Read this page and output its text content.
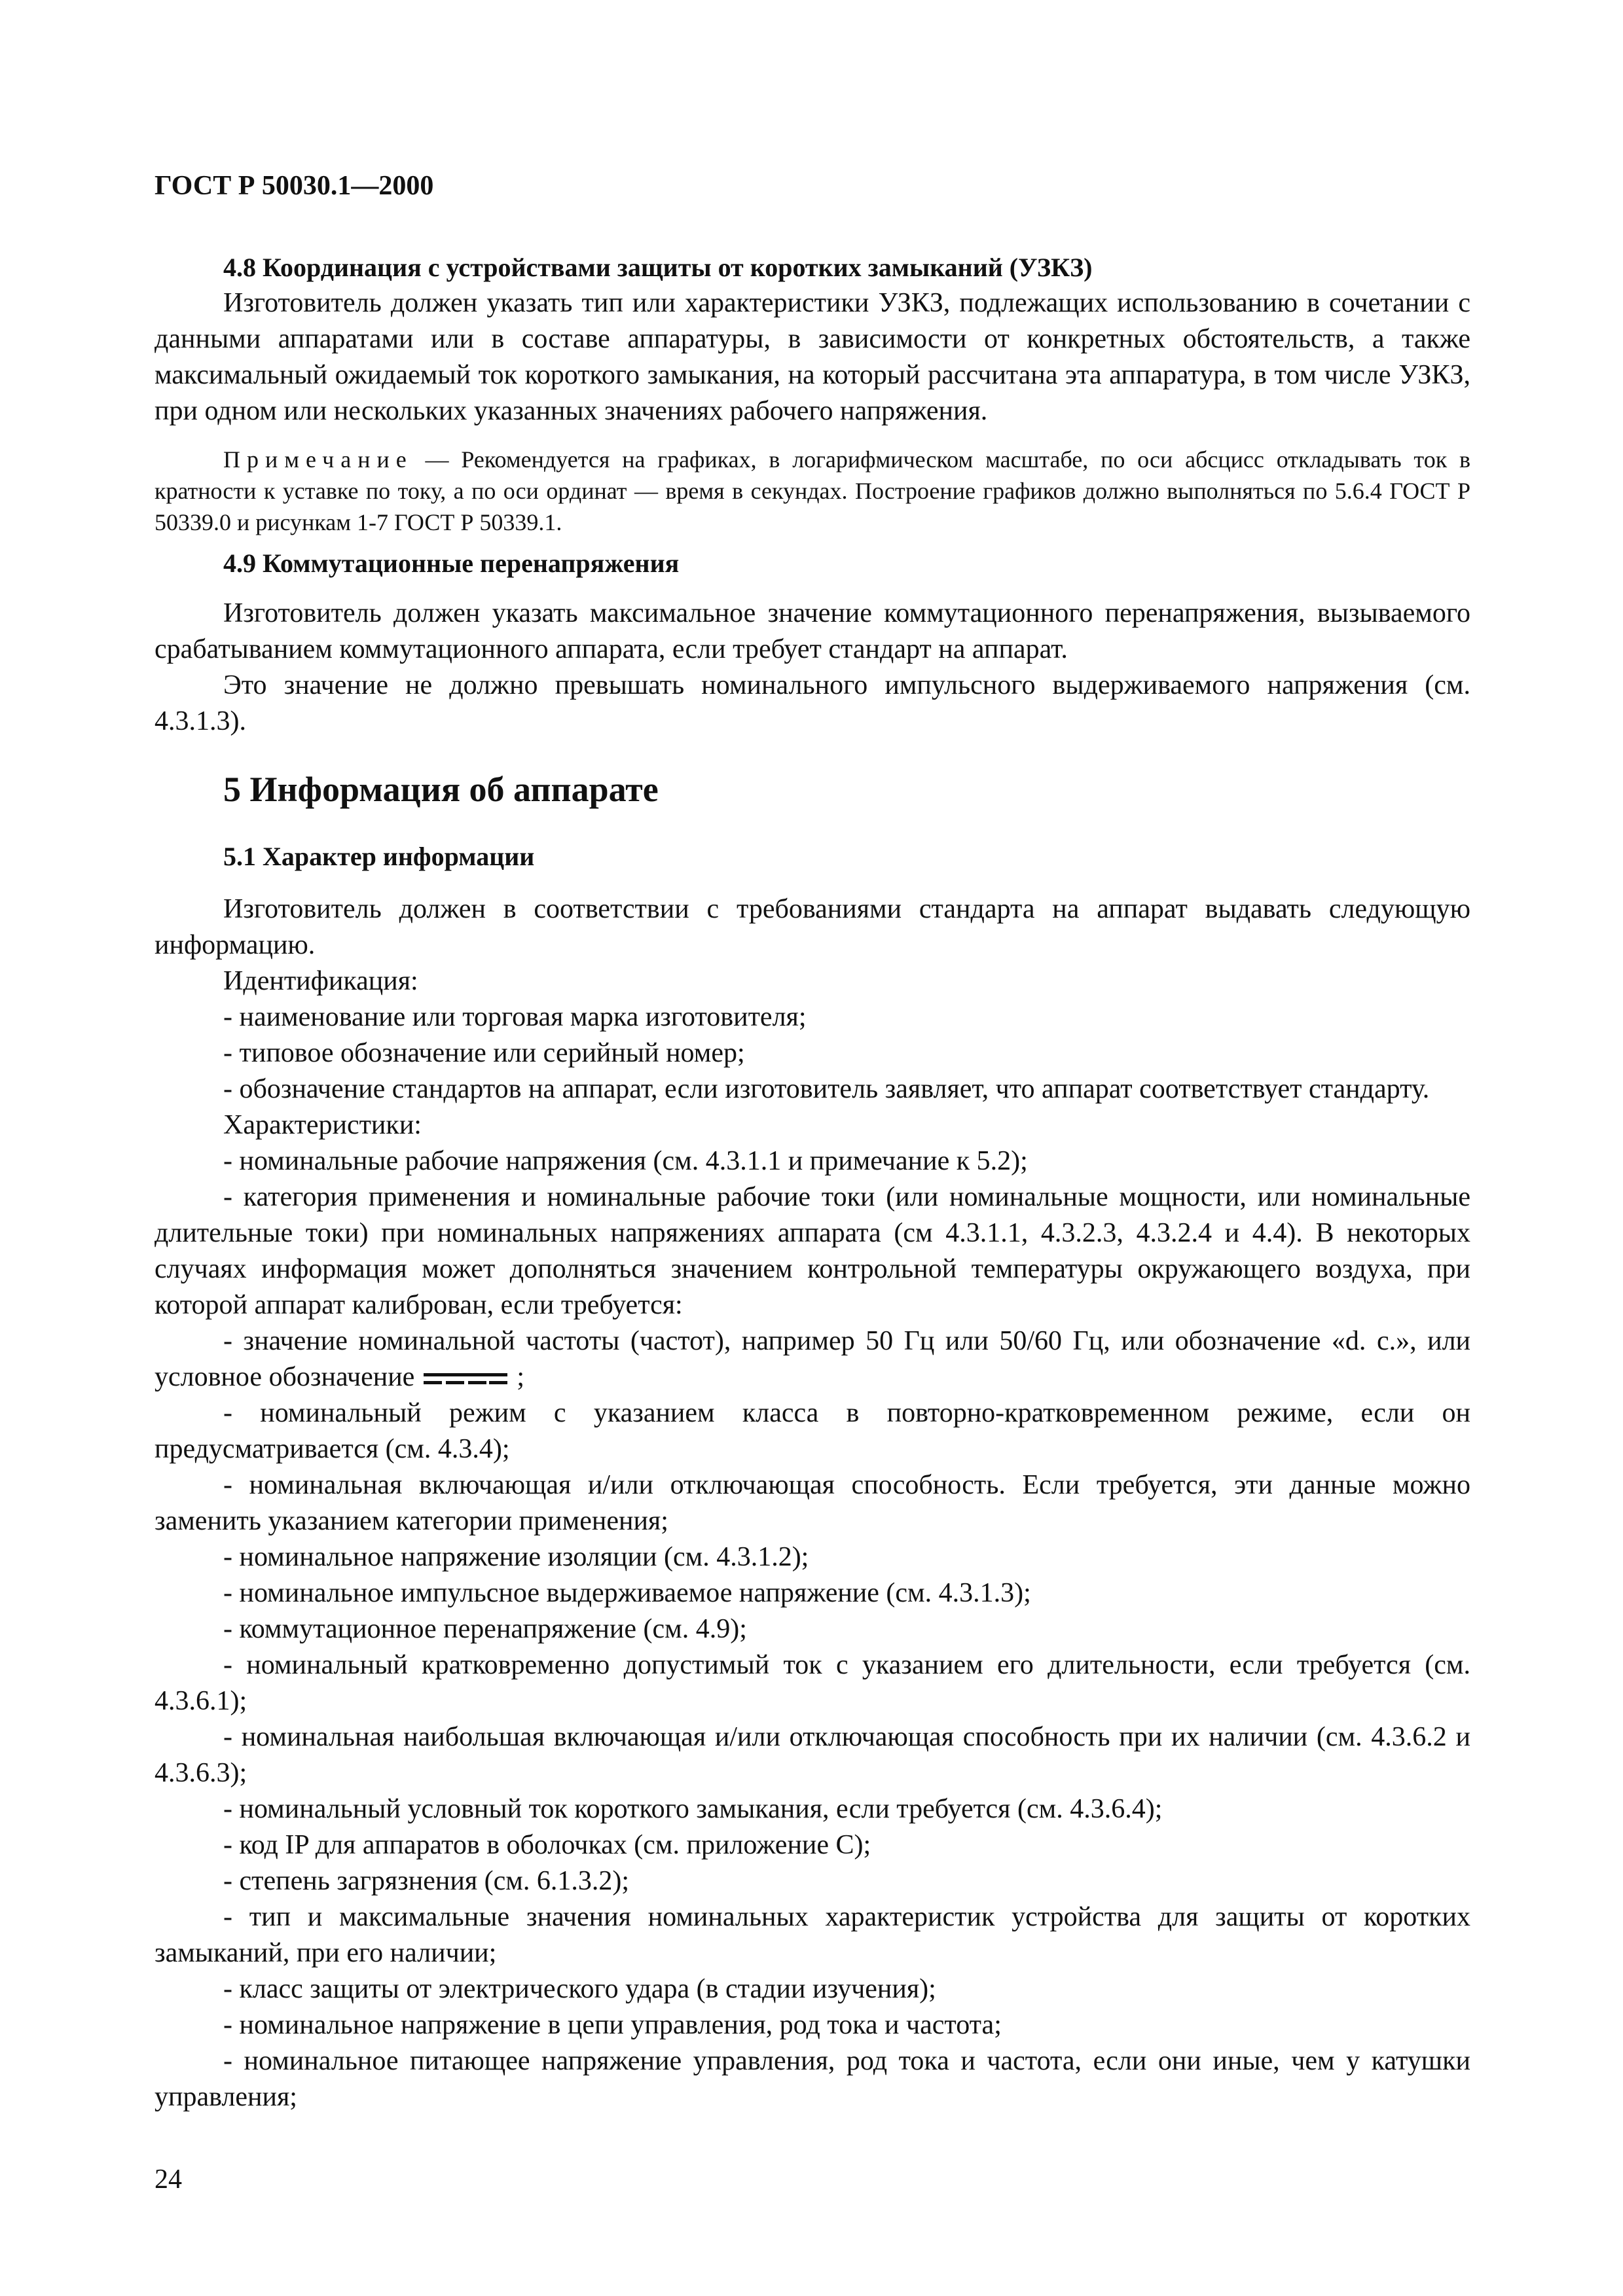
ГОСТ Р 50030.1—2000
4.8 Координация с устройствами защиты от коротких замыканий (УЗКЗ)

Изготовитель должен указать тип или характеристики УЗКЗ, подлежащих использованию в сочетании с данными аппаратами или в составе аппаратуры, в зависимости от конкретных обстоятельств, а также максимальный ожидаемый ток короткого замыкания, на который рассчитана эта аппаратура, в том числе УЗКЗ, при одном или нескольких указанных значениях рабочего напряжения.

Примечание — Рекомендуется на графиках, в логарифмическом масштабе, по оси абсцисс откладывать ток в кратности к уставке по току, а по оси ординат — время в секундах. Построение графиков должно выполняться по 5.6.4 ГОСТ Р 50339.0 и рисункам 1-7 ГОСТ Р 50339.1.

4.9 Коммутационные перенапряжения

Изготовитель должен указать максимальное значение коммутационного перенапряжения, вызываемого срабатыванием коммутационного аппарата, если требует стандарт на аппарат.

Это значение не должно превышать номинального импульсного выдерживаемого напряжения (см. 4.3.1.3).

5 Информация об аппарате
5.1 Характер информации

Изготовитель должен в соответствии с требованиями стандарта на аппарат выдавать следующую информацию.

Идентификация:

- наименование или торговая марка изготовителя;

- типовое обозначение или серийный номер;

- обозначение стандартов на аппарат, если изготовитель заявляет, что аппарат соответствует стандарту.

Характеристики:

- номинальные рабочие напряжения (см. 4.3.1.1 и примечание к 5.2);

- категория применения и номинальные рабочие токи (или номинальные мощности, или номинальные длительные токи) при номинальных напряжениях аппарата (см 4.3.1.1, 4.3.2.3, 4.3.2.4 и 4.4). В некоторых случаях информация может дополняться значением контрольной температуры окружающего воздуха, при которой аппарат калиброван, если требуется:

- значение номинальной частоты (частот), например 50 Гц или 50/60 Гц, или обозначение «d. c.», или условное обозначение	;

- номинальный режим с указанием класса в повторно-кратковременном режиме, если он предусматривается (см. 4.3.4);

- номинальная включающая и/или отключающая способность. Если требуется, эти данные можно заменить указанием категории применения;

- номинальное напряжение изоляции (см. 4.3.1.2);

- номинальное импульсное выдерживаемое напряжение (см. 4.3.1.3);

- коммутационное перенапряжение (см. 4.9);

- номинальный кратковременно допустимый ток с указанием его длительности, если требуется (см. 4.3.6.1);

- номинальная наибольшая включающая и/или отключающая способность при их наличии (см. 4.3.6.2 и 4.3.6.3);

- номинальный условный ток короткого замыкания, если требуется (см. 4.3.6.4);

- код IP для аппаратов в оболочках (см. приложение С);

- степень загрязнения (см. 6.1.3.2);

- тип и максимальные значения номинальных характеристик устройства для защиты от коротких замыканий, при его наличии;

- класс защиты от электрического удара (в стадии изучения);

- номинальное напряжение в цепи управления, род тока и частота;

- номинальное питающее напряжение управления, род тока и частота, если они иные, чем у катушки управления;

24
